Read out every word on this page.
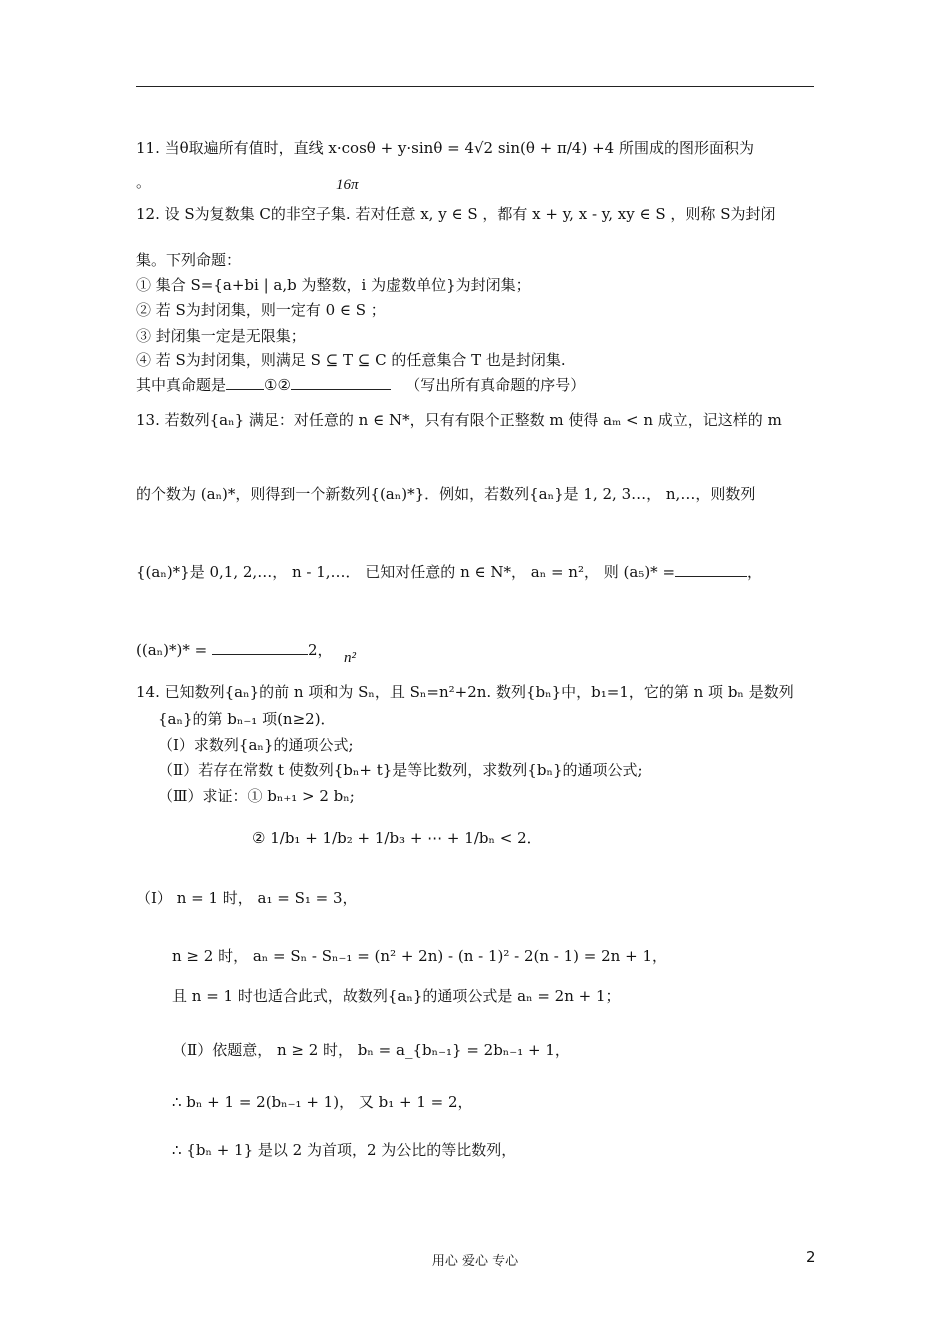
11. 当θ取遍所有值时，直线 x·cosθ + y·sinθ = 4√2 sin(θ + π/4) +4 所围成的图形面积为
。	16π
12. 设 S为复数集 C的非空子集. 若对任意 x, y ∈ S ，都有 x + y, x - y, xy ∈ S ，则称 S为封闭
集。下列命题：
① 集合 S={a+bi | a,b 为整数，i 为虚数单位}为封闭集；
② 若 S为封闭集，则一定有 0 ∈ S ；
③ 封闭集一定是无限集；
④ 若 S为封闭集，则满足 S ⊆ T ⊆ C 的任意集合 T 也是封闭集.
其中真命题是	①②	（写出所有真命题的序号）
13. 若数列{aₙ} 满足：对任意的 n ∈ N*，只有有限个正整数 m 使得 aₘ < n 成立，记这样的 m
的个数为 (aₙ)*，则得到一个新数列{(aₙ)*}．例如，若数列{aₙ}是 1, 2, 3…， n,…，则数列
{(aₙ)*}是 0,1, 2,…， n - 1,…． 已知对任意的 n ∈ N*， aₙ = n²， 则 (a₅)* =	，
((aₙ)*)* =	2， n²
14. 已知数列{aₙ}的前 n 项和为 Sₙ，且 Sₙ=n²+2n. 数列{bₙ}中，b₁=1，它的第 n 项 bₙ 是数列
{aₙ}的第 bₙ₋₁ 项(n≥2)．
（Ⅰ）求数列{aₙ}的通项公式;
（Ⅱ）若存在常数 t 使数列{bₙ+ t}是等比数列，求数列{bₙ}的通项公式;
（Ⅲ）求证：① bₙ₊₁ > 2 bₙ;
② 1/b₁ + 1/b₂ + 1/b₃ + ⋯ + 1/bₙ < 2．
（Ⅰ） n = 1 时， a₁ = S₁ = 3，
n ≥ 2 时， aₙ = Sₙ - Sₙ₋₁ = (n² + 2n) - (n - 1)² - 2(n - 1) = 2n + 1，
且 n = 1 时也适合此式，故数列{aₙ}的通项公式是 aₙ = 2n + 1；
（Ⅱ）依题意， n ≥ 2 时， bₙ = a_{bₙ₋₁} = 2bₙ₋₁ + 1，
∴ bₙ + 1 = 2(bₙ₋₁ + 1)， 又 b₁ + 1 = 2，
∴ {bₙ + 1} 是以 2 为首项，2 为公比的等比数列，
用心 爱心 专心	2
